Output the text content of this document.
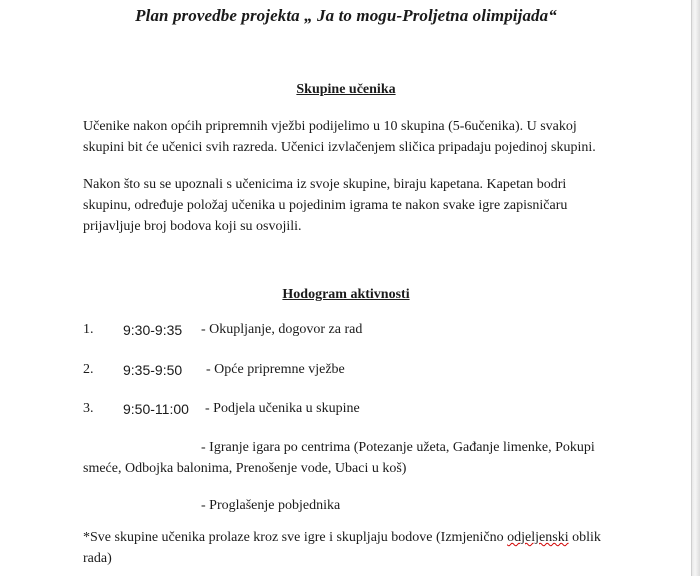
Plan provedbe projekta „ Ja to mogu-Proljetna olimpijada“
Skupine učenika

Učenike nakon općih pripremnih vježbi podijelimo u 10 skupina (5-6učenika). U svakoj skupini bit će učenici svih razreda. Učenici izvlačenjem sličica pripadaju pojedinoj skupini.

Nakon što su se upoznali s učenicima iz svoje skupine, biraju kapetana. Kapetan bodri skupinu, određuje položaj učenika u pojedinim igrama te nakon svake igre zapisničaru prijavljuje broj bodova koji su osvojili.

Hodogram aktivnosti
1. 9:30-9:35 - Okupljanje, dogovor za rad
2. 9:35-9:50 - Opće pripremne vježbe
3. 9:50-11:00 - Podjela učenika u skupine

- Igranje igara po centrima (Potezanje užeta, Gađanje limenke, Pokupi smeće, Odbojka balonima, Prenošenje vode, Ubaci u koš)

- Proglašenje pobjednika

*Sve skupine učenika prolaze kroz sve igre i skupljaju bodove (Izmjenično odjeljenski oblik rada)
